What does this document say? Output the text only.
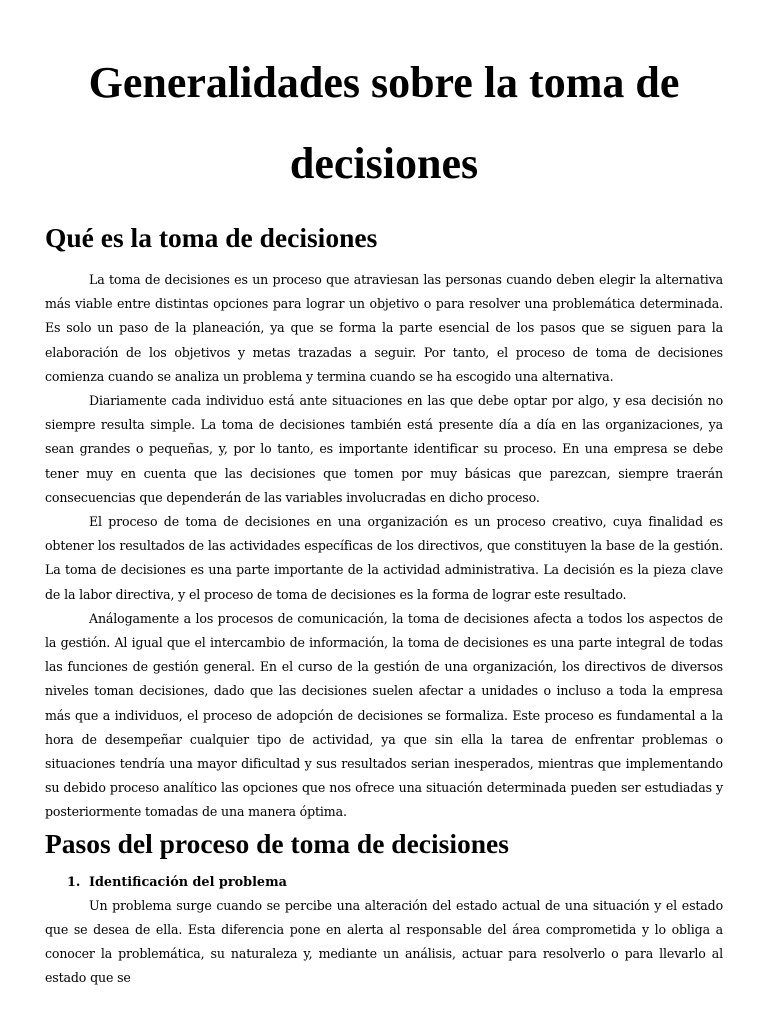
Generalidades sobre la toma de decisiones
Qué es la toma de decisiones

La toma de decisiones es un proceso que atraviesan las personas cuando deben elegir la alternativa más viable entre distintas opciones para lograr un objetivo o para resolver una problemática determinada. Es solo un paso de la planeación, ya que se forma la parte esencial de los pasos que se siguen para la elaboración de los objetivos y metas trazadas a seguir. Por tanto, el proceso de toma de decisiones comienza cuando se analiza un problema y termina cuando se ha escogido una alternativa.

Diariamente cada individuo está ante situaciones en las que debe optar por algo, y esa decisión no siempre resulta simple. La toma de decisiones también está presente día a día en las organizaciones, ya sean grandes o pequeñas, y, por lo tanto, es importante identificar su proceso. En una empresa se debe tener muy en cuenta que las decisiones que tomen por muy básicas que parezcan, siempre traerán consecuencias que dependerán de las variables involucradas en dicho proceso.

El proceso de toma de decisiones en una organización es un proceso creativo, cuya finalidad es obtener los resultados de las actividades específicas de los directivos, que constituyen la base de la gestión. La toma de decisiones es una parte importante de la actividad administrativa. La decisión es la pieza clave de la labor directiva, y el proceso de toma de decisiones es la forma de lograr este resultado.

Análogamente a los procesos de comunicación, la toma de decisiones afecta a todos los aspectos de la gestión. Al igual que el intercambio de información, la toma de decisiones es una parte integral de todas las funciones de gestión general. En el curso de la gestión de una organización, los directivos de diversos niveles toman decisiones, dado que las decisiones suelen afectar a unidades o incluso a toda la empresa más que a individuos, el proceso de adopción de decisiones se formaliza. Este proceso es fundamental a la hora de desempeñar cualquier tipo de actividad, ya que sin ella la tarea de enfrentar problemas o situaciones tendría una mayor dificultad y sus resultados serian inesperados, mientras que implementando su debido proceso analítico las opciones que nos ofrece una situación determinada pueden ser estudiadas y posteriormente tomadas de una manera óptima.

Pasos del proceso de toma de decisiones
1. Identificación del problema

Un problema surge cuando se percibe una alteración del estado actual de una situación y el estado que se desea de ella. Esta diferencia pone en alerta al responsable del área comprometida y lo obliga a conocer la problemática, su naturaleza y, mediante un análisis, actuar para resolverlo o para llevarlo al estado que se
